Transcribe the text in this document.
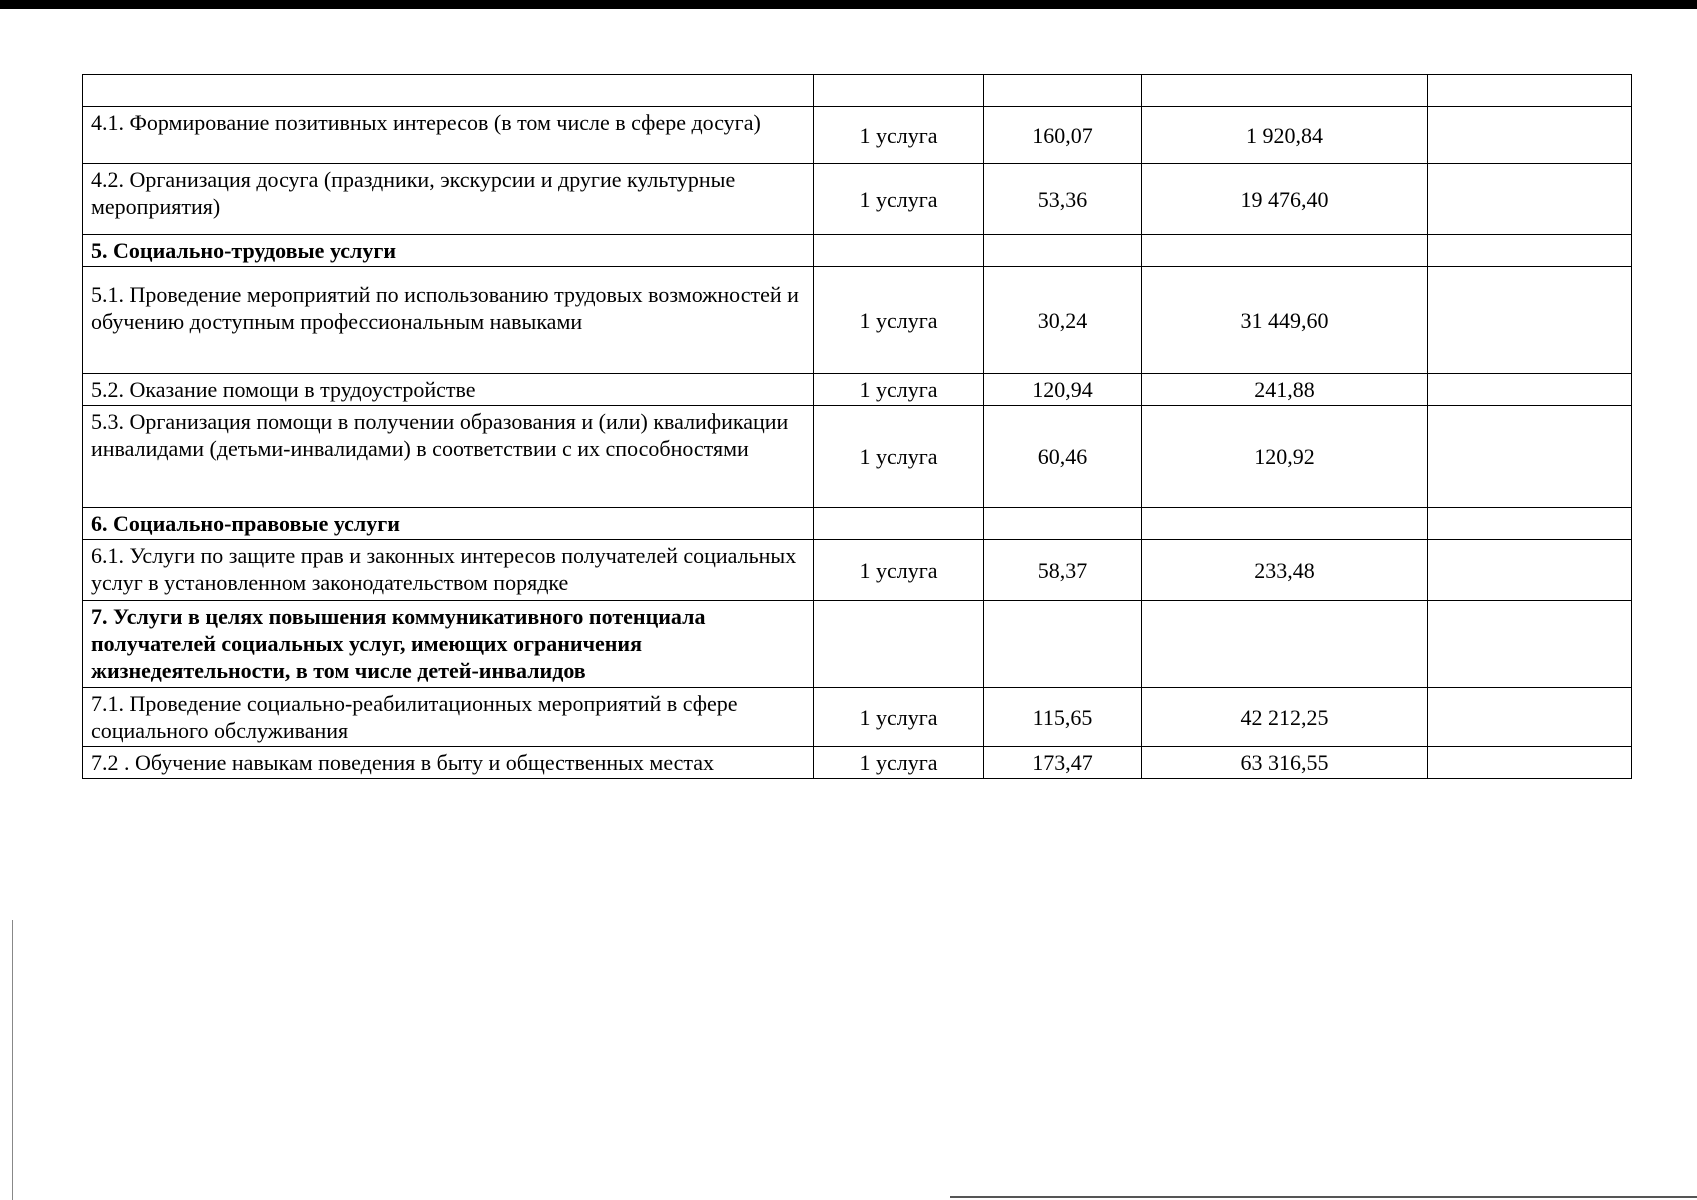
4.1. Формирование позитивных интересов (в том числе в сфере досуга)	1 услуга	160,07	1 920,84	
4.2. Организация досуга (праздники, экскурсии и другие культурные мероприятия)	1 услуга	53,36	19 476,40	
5. Социально-трудовые услуги				
5.1. Проведение мероприятий по использованию трудовых возможностей и обучению доступным профессиональным навыками	1 услуга	30,24	31 449,60	
5.2. Оказание помощи в трудоустройстве	1 услуга	120,94	241,88	
5.3. Организация помощи в получении образования и (или) квалификации инвалидами (детьми-инвалидами) в соответствии с их способностями	1 услуга	60,46	120,92	
6. Социально-правовые услуги				
6.1. Услуги по защите прав и законных интересов получателей социальных услуг в установленном законодательством порядке	1 услуга	58,37	233,48	
7. Услуги в целях повышения коммуникативного потенциала получателей социальных услуг, имеющих ограничения жизнедеятельности, в том числе детей-инвалидов				
7.1. Проведение социально-реабилитационных мероприятий в сфере социального обслуживания	1 услуга	115,65	42 212,25	
7.2 . Обучение навыкам поведения в быту и общественных местах	1 услуга	173,47	63 316,55	
